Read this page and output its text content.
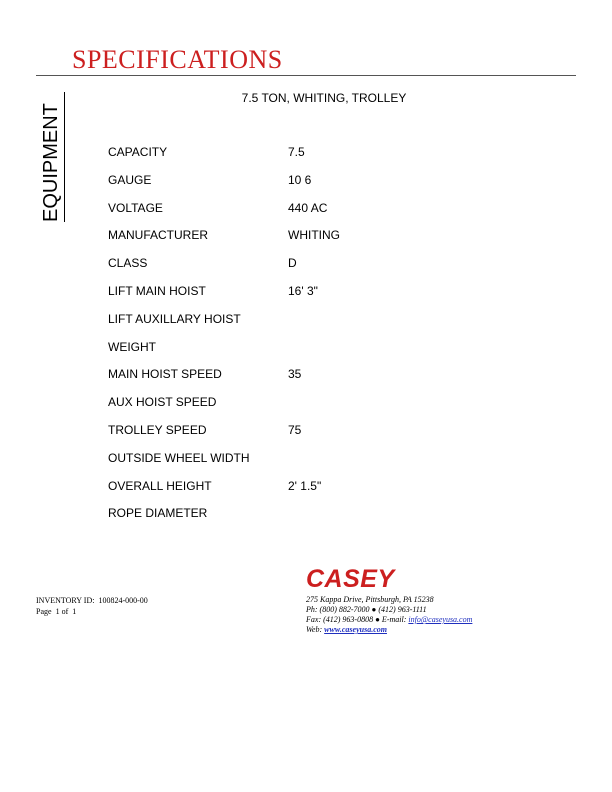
SPECIFICATIONS
EQUIPMENT
7.5 TON, WHITING, TROLLEY
CAPACITY	7.5
GAUGE	10 6
VOLTAGE	440 AC
MANUFACTURER	WHITING
CLASS	D
LIFT MAIN HOIST	16' 3"
LIFT AUXILLARY HOIST
WEIGHT
MAIN HOIST SPEED	35
AUX HOIST SPEED
TROLLEY SPEED	75
OUTSIDE WHEEL WIDTH
OVERALL HEIGHT	2' 1.5"
ROPE DIAMETER
INVENTORY ID: 100824-000-00
Page 1 of 1
CASEY
275 Kappa Drive, Pittsburgh, PA 15238
Ph: (800) 882-7000 ● (412) 963-1111
Fax: (412) 963-0808 ● E-mail: info@caseyusa.com
Web: www.caseyusa.com
